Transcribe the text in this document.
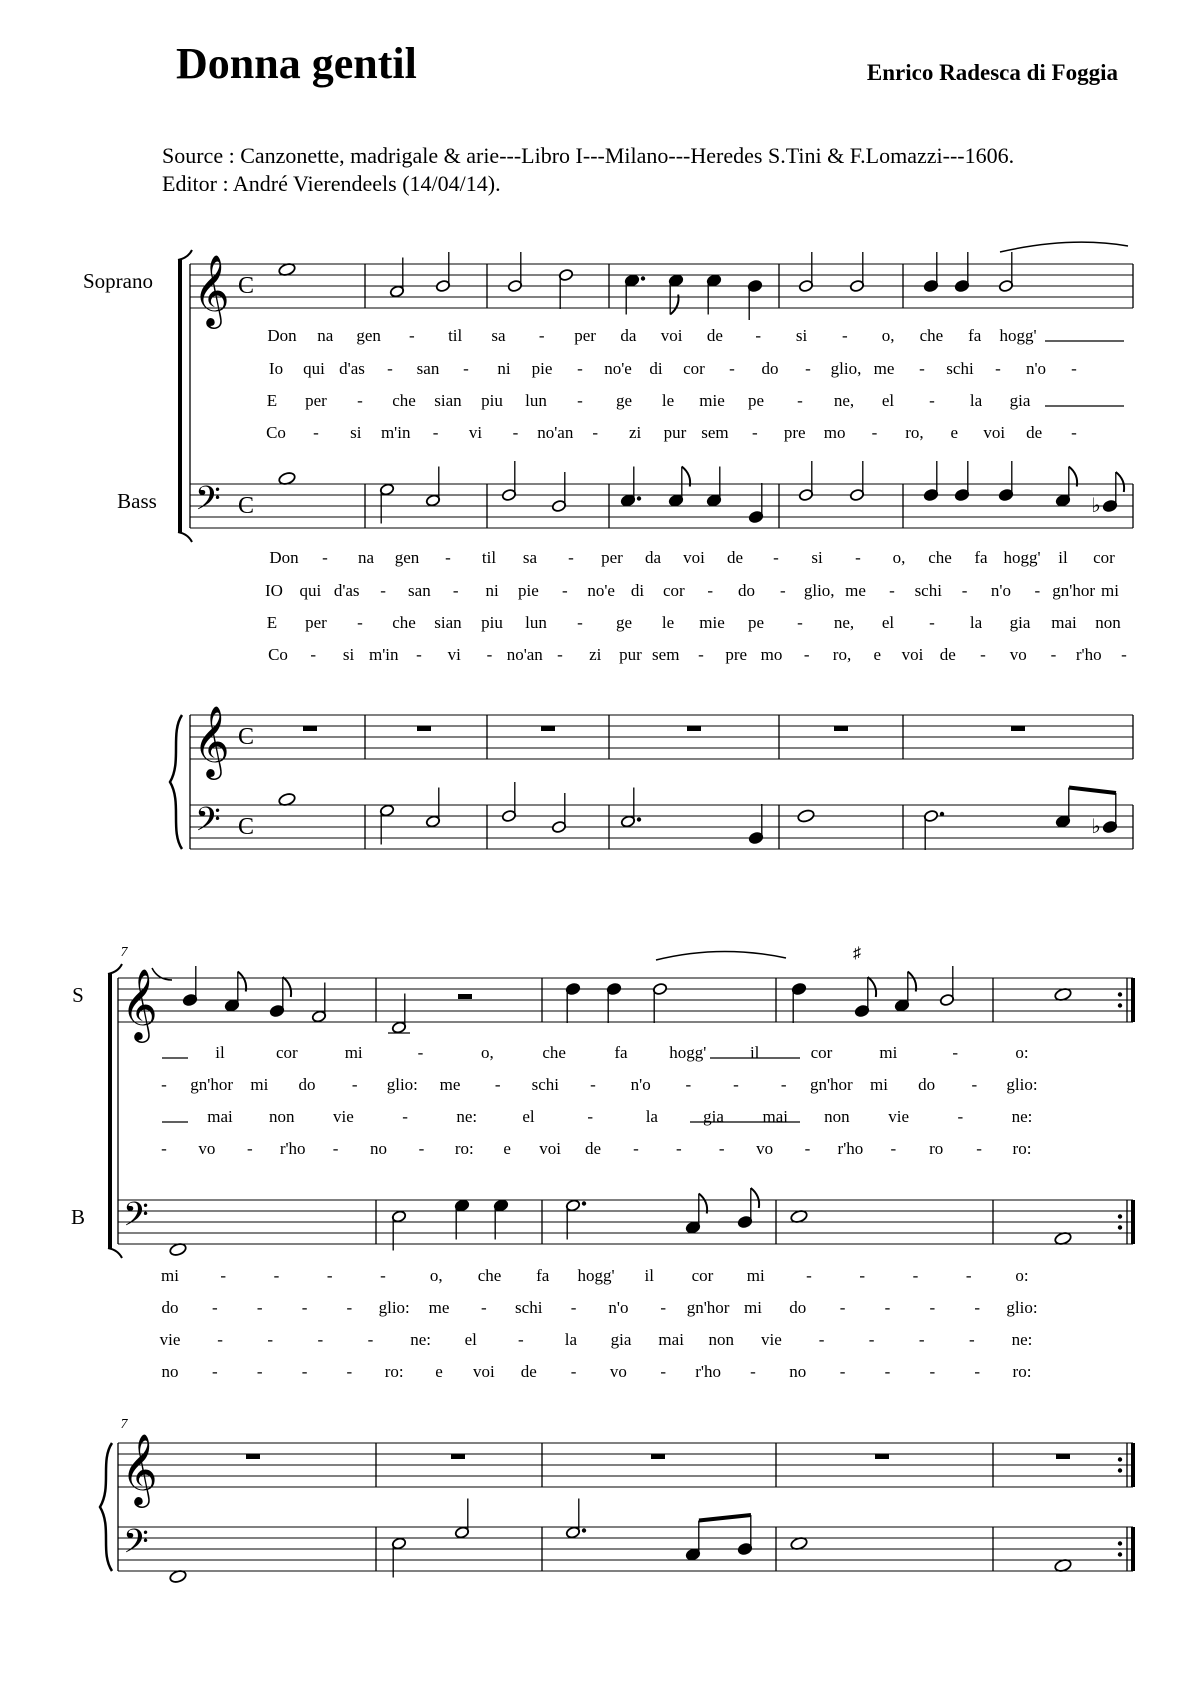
Donna gentil	Enrico Radesca di Foggia
Source : Canzonette, madrigale & arie---Libro I---Milano---Heredes S.Tini & F.Lomazzi---1606.
Editor : André Vierendeels (14/04/14).
Soprano
Bass
𝄞 C
𝄢 C
𝄞 C
𝄢 C
Don na gen - til sa - per da voi de - si - o, che fa hogg'
Io qui d'as - san - ni pie - no'e di cor - do - glio, me - schi - n'o -
E per - che sian piu lun - ge le mie pe - ne, el - la gia
Co - si m'in - vi - no'an - zi pur sem - pre mo - ro, e voi de -
♭
Don - na gen - til sa - per da voi de - si - o, che fa hogg' il cor
IO qui d'as - san - ni pie - no'e di cor - do - glio, me - schi - n'o - gn'hor mi
E per - che sian piu lun - ge le mie pe - ne, el - la gia mai non
Co - si m'in - vi - no'an - zi pur sem - pre mo - ro, e voi de - vo - r'ho -
♭
7
7
S
B
𝄞
𝄢
𝄞
𝄢
♯
il	cor	mi	-	o,	che	fa hogg'	il	cor	mi	-	o:
- gn'hor mi do - glio: me - schi - n'o - - - gn'hor mi do - glio:
mai non vie	-	ne:	el	-	la	gia mai non vie	-	ne:
- vo - r'ho - no - ro: e voi de - - - vo - r'ho - ro - ro:
mi -	-	-	-	o, che fa hogg' il cor mi -	-	-	-	o:
do - - - - glio: me - schi - n'o - gn'hor mi do - - - - glio:
vie -	-	-	- ne: el - la gia mai non vie -	-	-	- ne:
no - - - - ro: e voi de - vo - r'ho - no - - - - ro:
